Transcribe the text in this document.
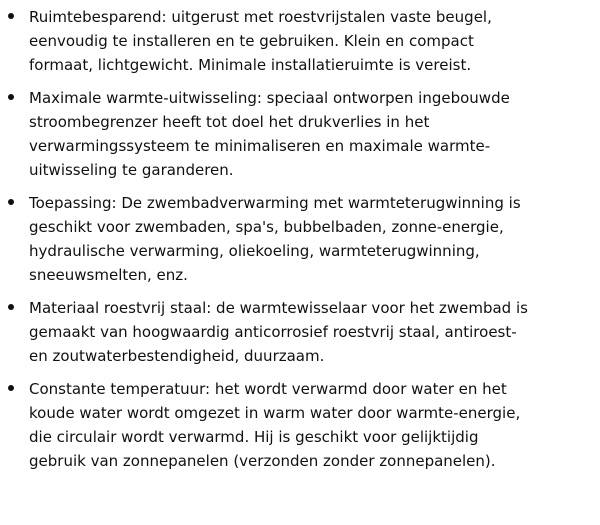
Ruimtebesparend: uitgerust met roestvrijstalen vaste beugel,
eenvoudig te installeren en te gebruiken. Klein en compact
formaat, lichtgewicht. Minimale installatieruimte is vereist.
Maximale warmte-uitwisseling: speciaal ontworpen ingebouwde
stroombegrenzer heeft tot doel het drukverlies in het
verwarmingssysteem te minimaliseren en maximale warmte-
uitwisseling te garanderen.
Toepassing: De zwembadverwarming met warmteterugwinning is
geschikt voor zwembaden, spa's, bubbelbaden, zonne-energie,
hydraulische verwarming, oliekoeling, warmteterugwinning,
sneeuwsmelten, enz.
Materiaal roestvrij staal: de warmtewisselaar voor het zwembad is
gemaakt van hoogwaardig anticorrosief roestvrij staal, antiroest-
en zoutwaterbestendigheid, duurzaam.
Constante temperatuur: het wordt verwarmd door water en het
koude water wordt omgezet in warm water door warmte-energie,
die circulair wordt verwarmd. Hij is geschikt voor gelijktijdig
gebruik van zonnepanelen (verzonden zonder zonnepanelen).
